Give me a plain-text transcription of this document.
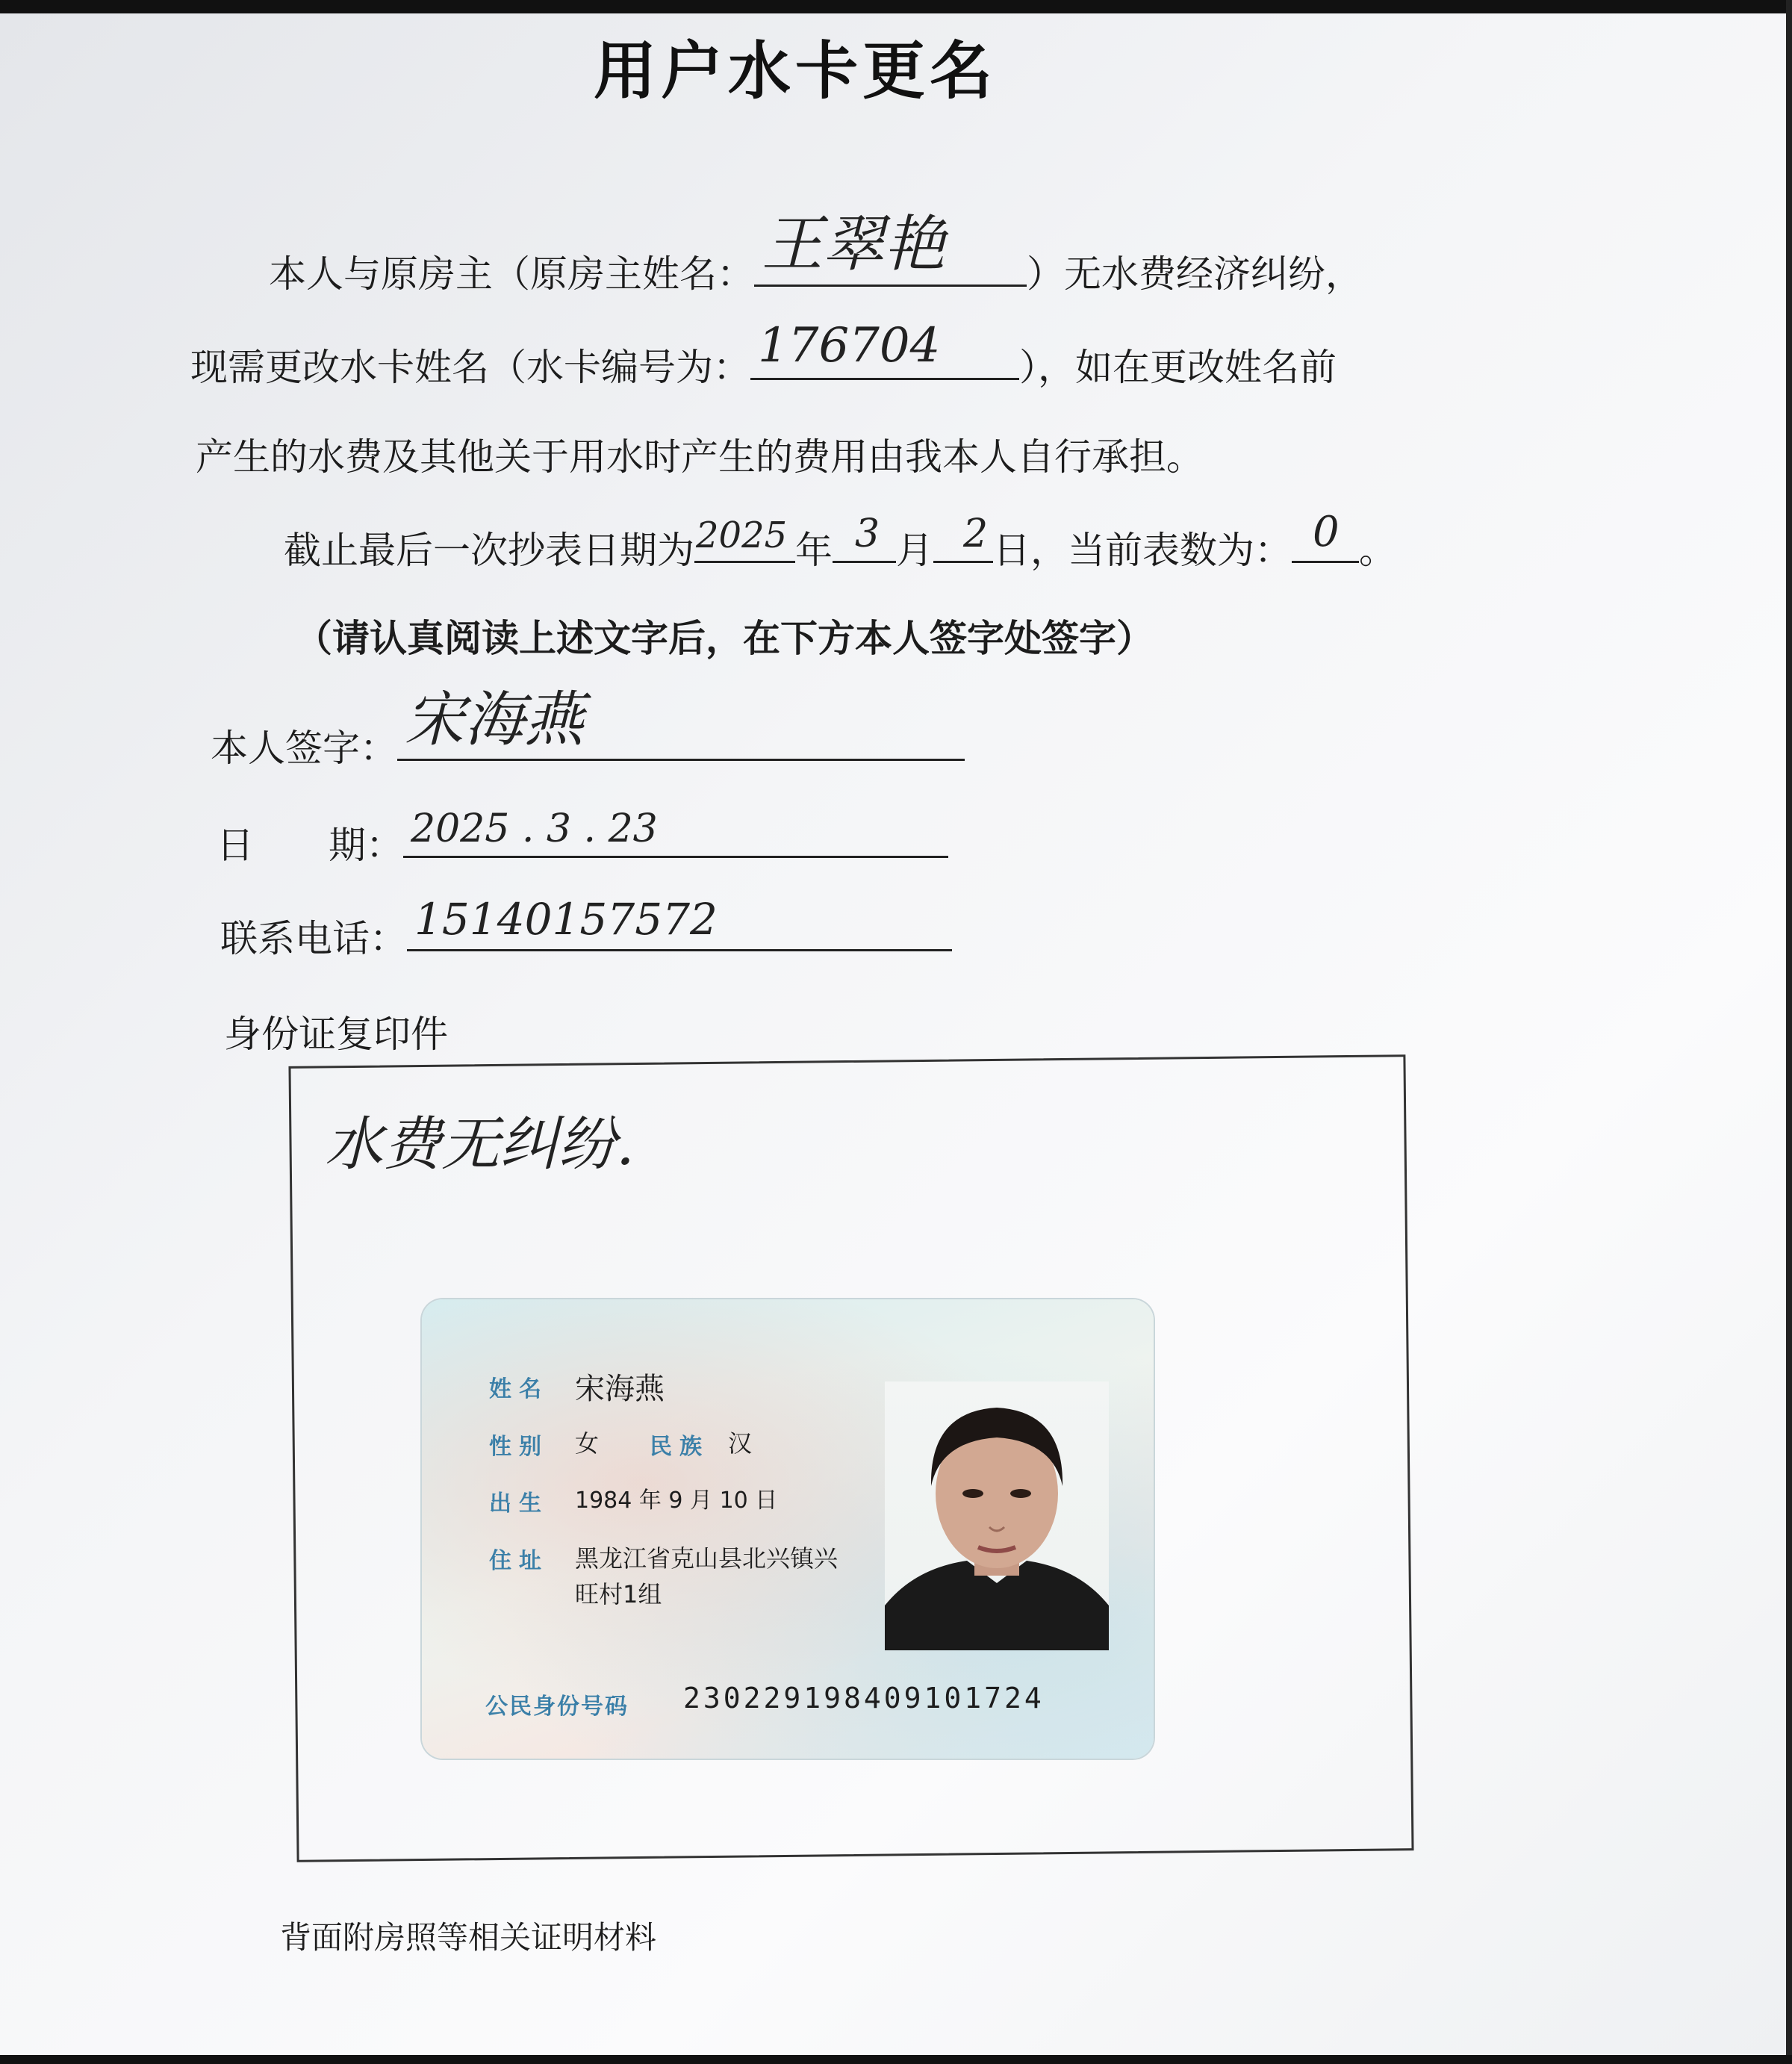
用户水卡更名
本人与原房主（原房主姓名： 王翠艳 ）无水费经济纠纷，
现需更改水卡姓名（水卡编号为： 176704 ），如在更改姓名前
产生的水费及其他关于用水时产生的费用由我本人自行承担。
截止最后一次抄表日期为 2025 年 3 月 2 日，当前表数为： 0 。
（请认真阅读上述文字后，在下方本人签字处签字）
本人签字： 宋海燕
日　　期： 2025 . 3 . 23
联系电话： 15140157572
身份证复印件
水费无纠纷.
姓名 宋海燕
性别 女 民族 汉
出生 1984 年 9 月 10 日
住址 黑龙江省克山县北兴镇兴
旺村1组
公民身份号码 230229198409101724
背面附房照等相关证明材料
